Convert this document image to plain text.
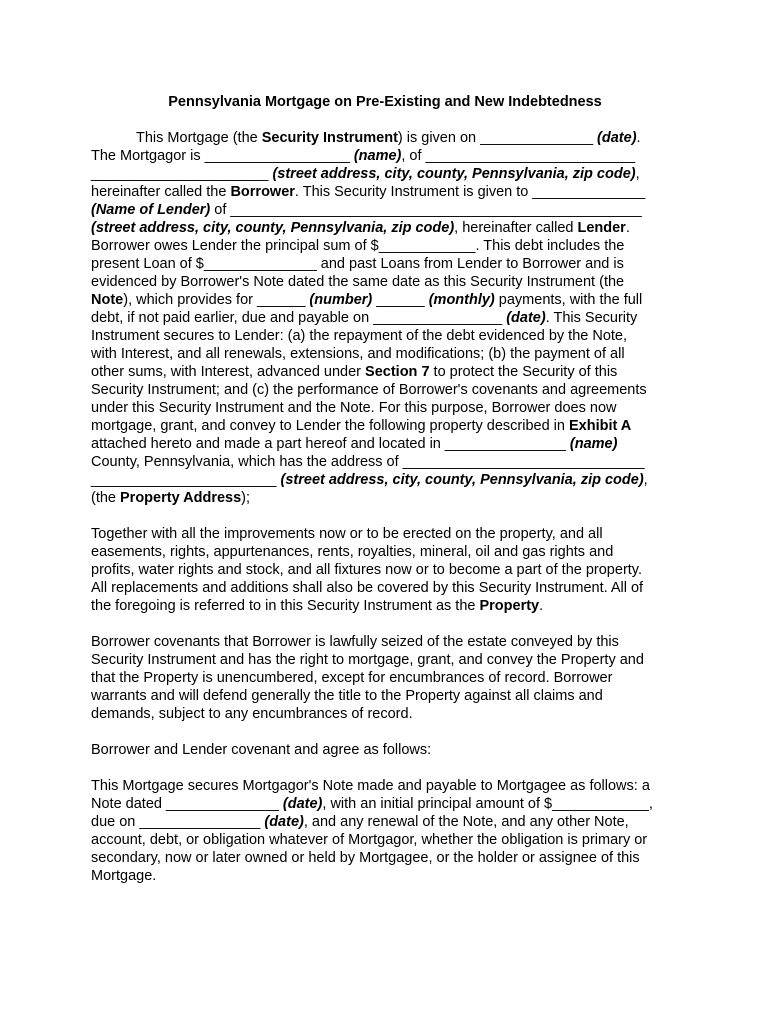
Pennsylvania Mortgage on Pre-Existing and New Indebtedness
This Mortgage (the Security Instrument) is given on ______________ (date).
The Mortgagor is __________________ (name), of __________________________
______________________ (street address, city, county, Pennsylvania, zip code),
hereinafter called the Borrower. This Security Instrument is given to ______________
(Name of Lender) of ___________________________________________________
(street address, city, county, Pennsylvania, zip code), hereinafter called Lender.
Borrower owes Lender the principal sum of $____________. This debt includes the
present Loan of $______________ and past Loans from Lender to Borrower and is
evidenced by Borrower's Note dated the same date as this Security Instrument (the
Note), which provides for ______ (number) ______ (monthly) payments, with the full
debt, if not paid earlier, due and payable on ________________ (date). This Security
Instrument secures to Lender: (a) the repayment of the debt evidenced by the Note,
with Interest, and all renewals, extensions, and modifications; (b) the payment of all
other sums, with Interest, advanced under Section 7 to protect the Security of this
Security Instrument; and (c) the performance of Borrower's covenants and agreements
under this Security Instrument and the Note. For this purpose, Borrower does now
mortgage, grant, and convey to Lender the following property described in Exhibit A
attached hereto and made a part hereof and located in _______________ (name)
County, Pennsylvania, which has the address of ______________________________
_______________________ (street address, city, county, Pennsylvania, zip code),
(the Property Address);
Together with all the improvements now or to be erected on the property, and all
easements, rights, appurtenances, rents, royalties, mineral, oil and gas rights and
profits, water rights and stock, and all fixtures now or to become a part of the property.
All replacements and additions shall also be covered by this Security Instrument. All of
the foregoing is referred to in this Security Instrument as the Property.
Borrower covenants that Borrower is lawfully seized of the estate conveyed by this
Security Instrument and has the right to mortgage, grant, and convey the Property and
that the Property is unencumbered, except for encumbrances of record. Borrower
warrants and will defend generally the title to the Property against all claims and
demands, subject to any encumbrances of record.
Borrower and Lender covenant and agree as follows:
This Mortgage secures Mortgagor's Note made and payable to Mortgagee as follows: a
Note dated ______________ (date), with an initial principal amount of $____________,
due on _______________ (date), and any renewal of the Note, and any other Note,
account, debt, or obligation whatever of Mortgagor, whether the obligation is primary or
secondary, now or later owned or held by Mortgagee, or the holder or assignee of this
Mortgage.
